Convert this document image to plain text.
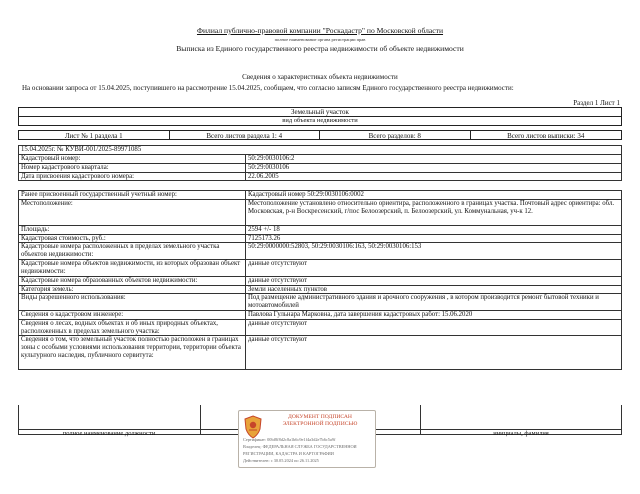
Филиал публично-правовой компании "Роскадастр" по Московской области
полное наименование органа регистрации прав
Выписка из Единого государственного реестра недвижимости об объекте недвижимости
Сведения о характеристиках объекта недвижимости
На основании запроса от 15.04.2025, поступившего на рассмотрение 15.04.2025, сообщаем, что согласно записям Единого государственного реестра недвижимости:
Раздел 1 Лист 1
Земельный участок
вид объекта недвижимости
Лист № 1 раздела 1	Всего листов раздела 1: 4	Всего разделов: 8	Всего листов выписки: 34
15.04.2025г. № КУВИ-001/2025-89971085	
Кадастровый номер:	50:29:0030106:2
Номер кадастрового квартала:	50:29:0030106
Дата присвоения кадастрового номера:	22.06.2005
Ранее присвоенный государственный учетный номер:	Кадастровый номер 50:29:0030106:0002
Местоположение:	Местоположение установлено относительно ориентира, расположенного в границах участка. Почтовый адрес ориентира: обл. Московская, р-н Воскресенский, г/пос Белоозерский, п. Белоозерский, ул. Коммунальная, уч-к 12.
Площадь:	2594 +/- 18
Кадастровая стоимость, руб.:	7125173.26
Кадастровые номера расположенных в пределах земельного участка объектов недвижимости:	50:29:0000000:52803, 50:29:0030106:163, 50:29:0030106:153
Кадастровые номера объектов недвижимости, из которых образован объект недвижимости:	данные отсутствуют
Кадастровые номера образованных объектов недвижимости:	данные отсутствуют
Категория земель:	Земли населенных пунктов
Виды разрешенного использования:	Под размещение административного здания и арочного сооружения , в котором производится ремонт бытовой техники и мотоавтомобилей
Сведения о кадастровом инженере:	Павлова Гульнара Марковна, дата завершения кадастровых работ: 15.06.2020
Сведения о лесах, водных объектах и об иных природных объектах, расположенных в пределах земельного участка:	данные отсутствуют
Сведения о том, что земельный участок полностью расположен в границах зоны с особыми условиями использования территории, территории объекта культурного наследия, публичного сервитута:	данные отсутствуют
полное наименование должности	инициалы, фамилия
ДОКУМЕНТ ПОДПИСАН
ЭЛЕКТРОННОЙ ПОДПИСЬЮ
Сертификат: 00bf8f8d2c8a1b6c9e1f4a3d2e7b6c5a9f
Владелец: ФЕДЕРАЛЬНАЯ СЛУЖБА ГОСУДАРСТВЕННОЙ
РЕГИСТРАЦИИ, КАДАСТРА И КАРТОГРАФИИ
Действителен: с 30.05.2024 по 26.11.2025
